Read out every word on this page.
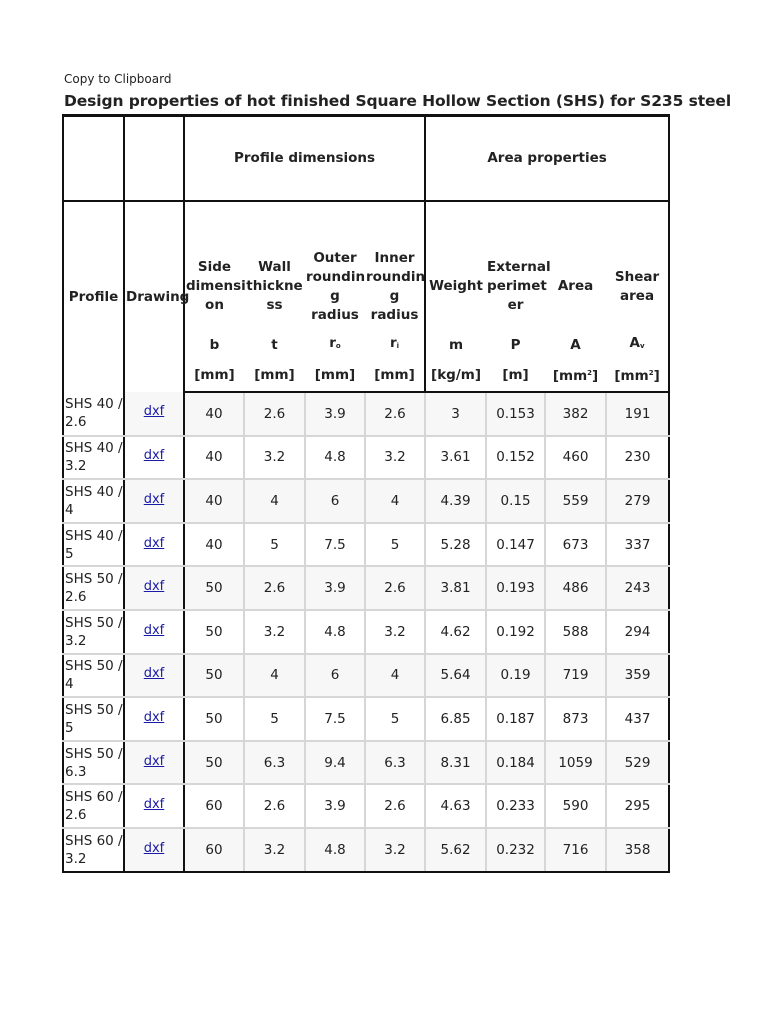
Copy to Clipboard
Design properties of hot finished Square Hollow Section (SHS) for S235 steel
		Profile dimensions				Area properties			
Profile	Drawing	Side
dimensi
on	Wall
thickne
ss	Outer
roundin
g radius	Inner
roundin
g radius	Weight	External
perimet
er	Area	Shear
area
		b	t	ro	ri	m	P	A	Av
		[mm]	[mm]	[mm]	[mm]	[kg/m]	[m]	$[mm^2]$	$[mm^2]$
SHS 40 /
2.6	dxf	40	2.6	3.9	2.6	3	0.153	382	191
SHS 40 /
3.2	dxf	40	3.2	4.8	3.2	3.61	0.152	460	230
SHS 40 /
4	dxf	40	4	6	4	4.39	0.15	559	279
SHS 40 /
5	dxf	40	5	7.5	5	5.28	0.147	673	337
SHS 50 /
2.6	dxf	50	2.6	3.9	2.6	3.81	0.193	486	243
SHS 50 /
3.2	dxf	50	3.2	4.8	3.2	4.62	0.192	588	294
SHS 50 /
4	dxf	50	4	6	4	5.64	0.19	719	359
SHS 50 /
5	dxf	50	5	7.5	5	6.85	0.187	873	437
SHS 50 /
6.3	dxf	50	6.3	9.4	6.3	8.31	0.184	1059	529
SHS 60 /
2.6	dxf	60	2.6	3.9	2.6	4.63	0.233	590	295
SHS 60 /
3.2	dxf	60	3.2	4.8	3.2	5.62	0.232	716	358
